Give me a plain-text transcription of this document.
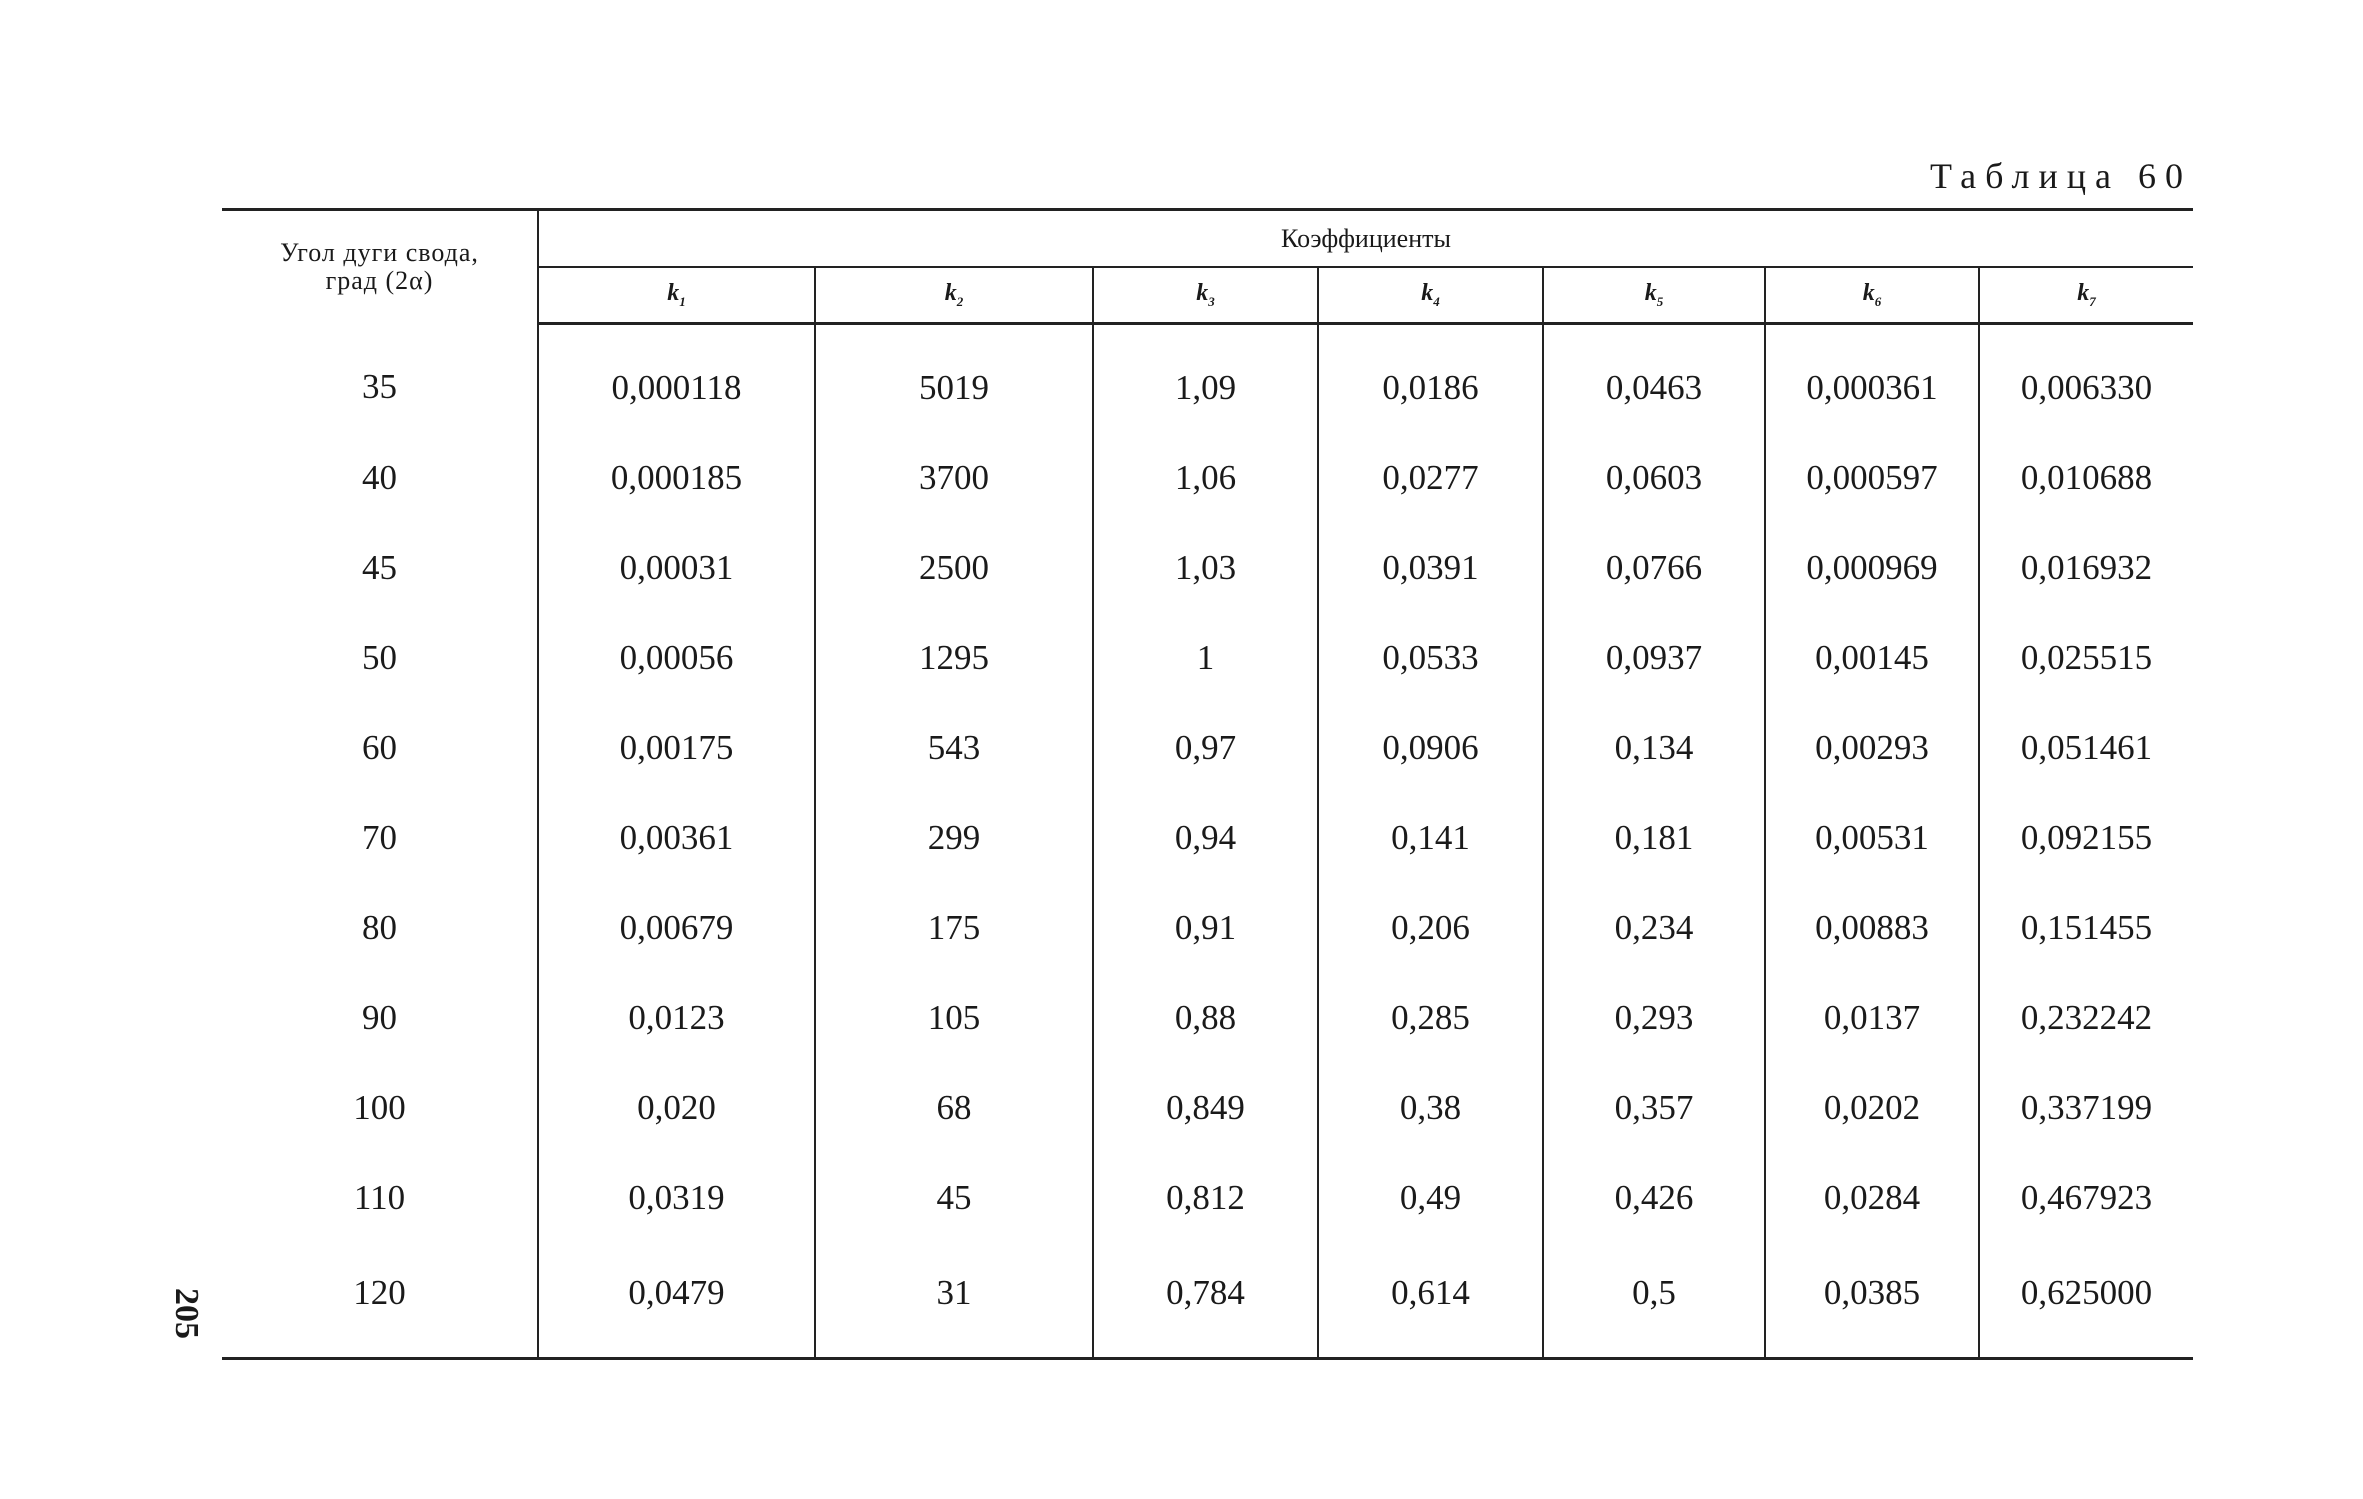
Таблица 60
205
Угол дуги свода,
град (2α)	Коэффициенты						
	$k_1$	$k_2$	$k_3$	$k_4$	$k_5$	$k_6$	$k_7$
35	0,000118	5019	1,09	0,0186	0,0463	0,000361	0,006330
40	0,000185	3700	1,06	0,0277	0,0603	0,000597	0,010688
45	0,00031	2500	1,03	0,0391	0,0766	0,000969	0,016932
50	0,00056	1295	1	0,0533	0,0937	0,00145	0,025515
60	0,00175	543	0,97	0,0906	0,134	0,00293	0,051461
70	0,00361	299	0,94	0,141	0,181	0,00531	0,092155
80	0,00679	175	0,91	0,206	0,234	0,00883	0,151455
90	0,0123	105	0,88	0,285	0,293	0,0137	0,232242
100	0,020	68	0,849	0,38	0,357	0,0202	0,337199
110	0,0319	45	0,812	0,49	0,426	0,0284	0,467923
120	0,0479	31	0,784	0,614	0,5	0,0385	0,625000
